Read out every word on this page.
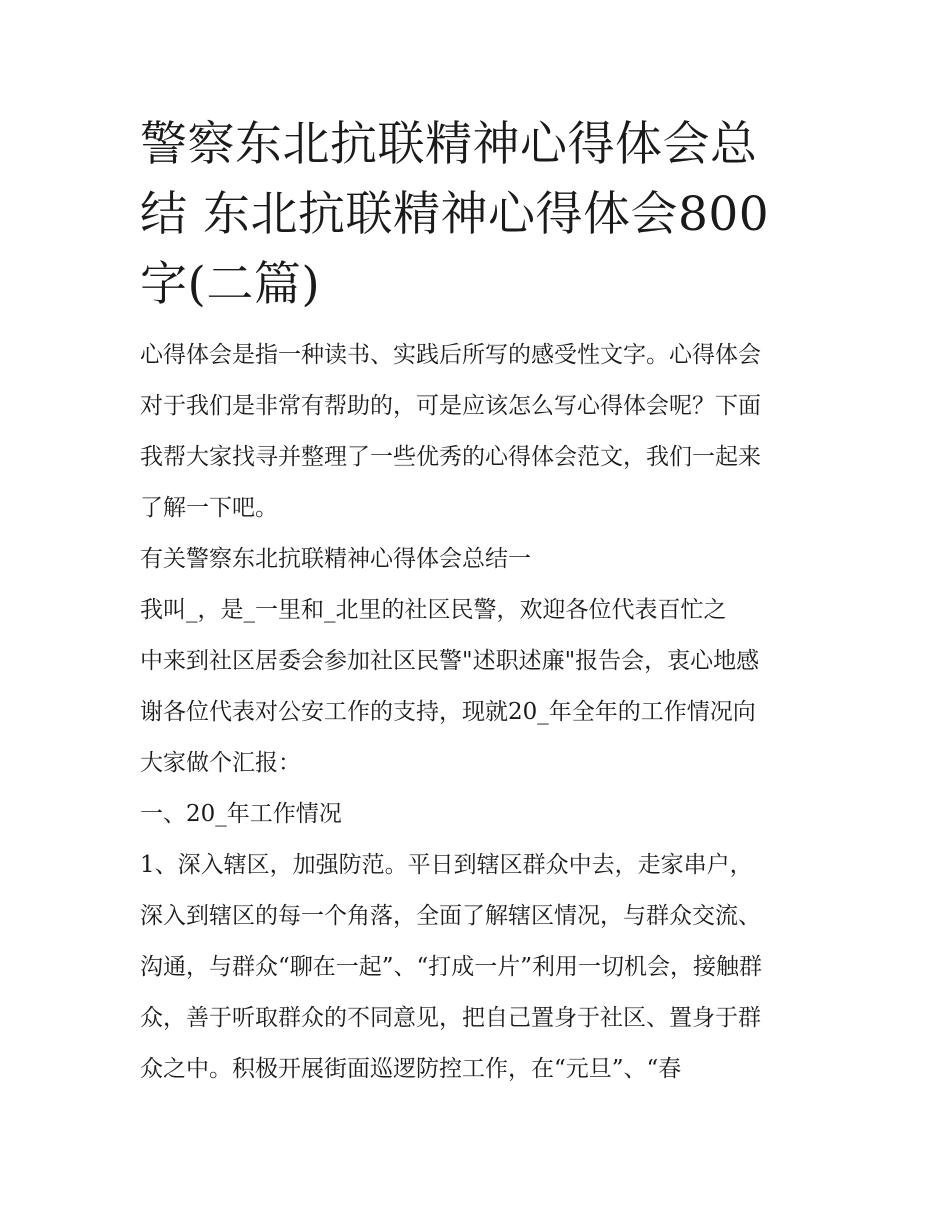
警察东北抗联精神心得体会总
结 东北抗联精神心得体会800
字(二篇)

心得体会是指一种读书、实践后所写的感受性文字。心得体会
对于我们是非常有帮助的，可是应该怎么写心得体会呢？下面
我帮大家找寻并整理了一些优秀的心得体会范文，我们一起来
了解一下吧。

有关警察东北抗联精神心得体会总结一

我叫_，是_一里和_北里的社区民警，欢迎各位代表百忙之
中来到社区居委会参加社区民警"述职述廉"报告会，衷心地感
谢各位代表对公安工作的支持，现就20_年全年的工作情况向
大家做个汇报：

一、20_年工作情况

1、深入辖区，加强防范。平日到辖区群众中去，走家串户，
深入到辖区的每一个角落，全面了解辖区情况，与群众交流、
沟通，与群众“聊在一起”、“打成一片”利用一切机会，接触群
众，善于听取群众的不同意见，把自己置身于社区、置身于群
众之中。积极开展街面巡逻防控工作，在“元旦”、“春
